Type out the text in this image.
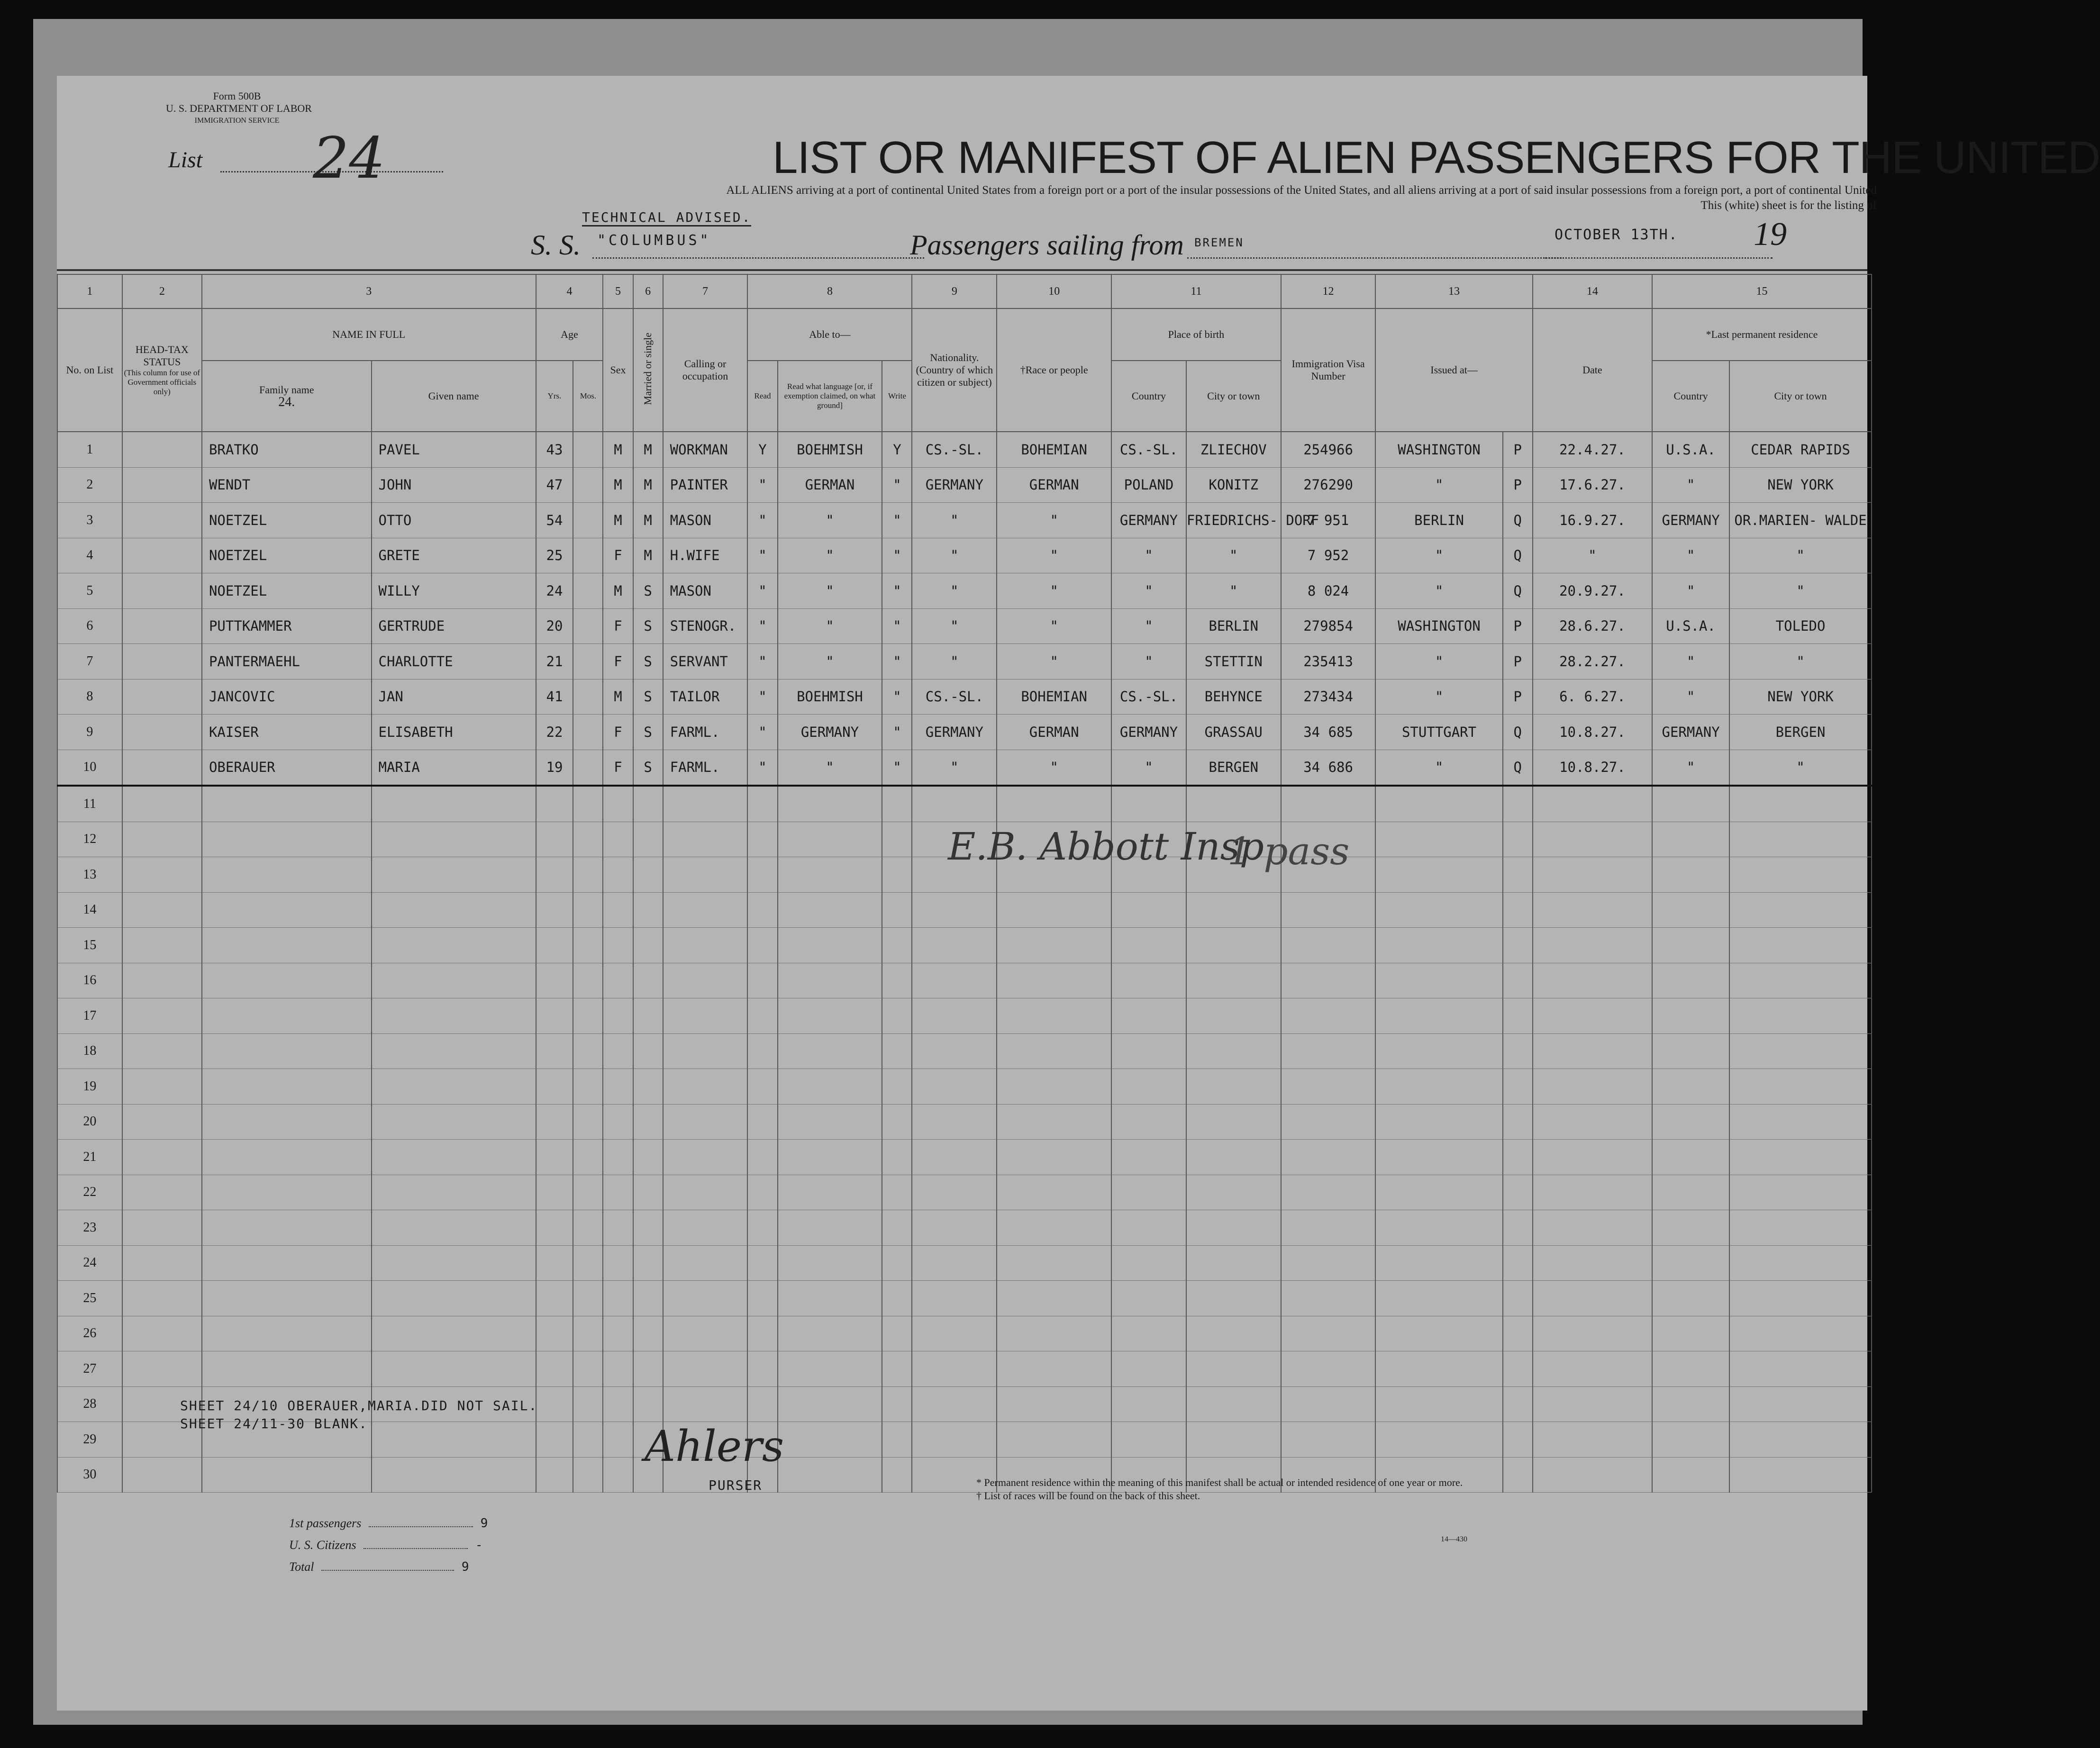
Form 500B
U. S. DEPARTMENT OF LABOR
IMMIGRATION SERVICE
List 24	LIST OR MANIFEST OF ALIEN PASSENGERS FOR THE UNITED
ALL ALIENS arriving at a port of continental United States from a foreign port or a port of the insular possessions of the United States, and all aliens arriving at a port of said insular possessions from a foreign port, a port of continental United
This (white) sheet is for the listing of
TECHNICAL ADVISED.
S. S. "COLUMBUS"	Passengers sailing from BREMEN	OCTOBER 13TH. 19
1	2	3		4		5	6	7	8			9	10	11		12	13		14	15	
No. on List	HEAD-TAX STATUS
(This column for use of Government officials only)	NAME IN FULL		Age		Sex	Married or single	Calling or occupation	Able to—			Nationality. (Country of which citizen or subject)	†Race or people	Place of birth		Immigration Visa Number	Issued at—		Date	*Last permanent residence	

		Family name
24.	Given name	Yrs.	Mos.				Read	Read what language [or, if exemption claimed, on what ground]	Write			Country	City or town					Country	City or town
1		BRATKO	PAVEL	43		M	M	WORKMAN	Y	BOEHMISH	Y	CS.-SL.	BOHEMIAN	CS.-SL.	ZLIECHOV	254966	WASHINGTON	P	22.4.27.	U.S.A.	CEDAR RAPIDS
2		WENDT	JOHN	47		M	M	PAINTER	"	GERMAN	"	GERMANY	GERMAN	POLAND	KONITZ	276290	"	P	17.6.27.	"	NEW YORK
3		NOETZEL	OTTO	54		M	M	MASON	"	"	"	"	"	GERMANY	FRIEDRICHS- DORF	7 951	BERLIN	Q	16.9.27.	GERMANY	OR.MARIEN- WALDE
4		NOETZEL	GRETE	25		F	M	H.WIFE	"	"	"	"	"	"	"	7 952	"	Q	"	"	"
5		NOETZEL	WILLY	24		M	S	MASON	"	"	"	"	"	"	"	8 024	"	Q	20.9.27.	"	"
6		PUTTKAMMER	GERTRUDE	20		F	S	STENOGR.	"	"	"	"	"	"	BERLIN	279854	WASHINGTON	P	28.6.27.	U.S.A.	TOLEDO
7		PANTERMAEHL	CHARLOTTE	21		F	S	SERVANT	"	"	"	"	"	"	STETTIN	235413	"	P	28.2.27.	"	"
8		JANCOVIC	JAN	41		M	S	TAILOR	"	BOEHMISH	"	CS.-SL.	BOHEMIAN	CS.-SL.	BEHYNCE	273434	"	P	6. 6.27.	"	NEW YORK
9		KAISER	ELISABETH	22		F	S	FARML.	"	GERMANY	"	GERMANY	GERMAN	GERMANY	GRASSAU	34 685	STUTTGART	Q	10.8.27.	GERMANY	BERGEN
10		OBERAUER	MARIA	19		F	S	FARML.	"	"	"	"	"	"	BERGEN	34 686	"	Q	10.8.27.	"	"
11																					
12																					
13																					
14																					
15																					
16																					
17																					
18																					
19																					
20																					
21																					
22																					
23																					
24																					
25																					
26																					
27																					
28																					
29																					
30																					
E.B. Abbott Insp
1 pass
SHEET 24/10 OBERAUER,MARIA.DID NOT SAIL.
SHEET 24/11-30 BLANK.	Ahlers
PURSER
1st passengers	9
U. S. Citizens	-
Total	9
* Permanent residence within the meaning of this manifest shall be actual or intended residence of one year or more.
† List of races will be found on the back of this sheet.
14—430
